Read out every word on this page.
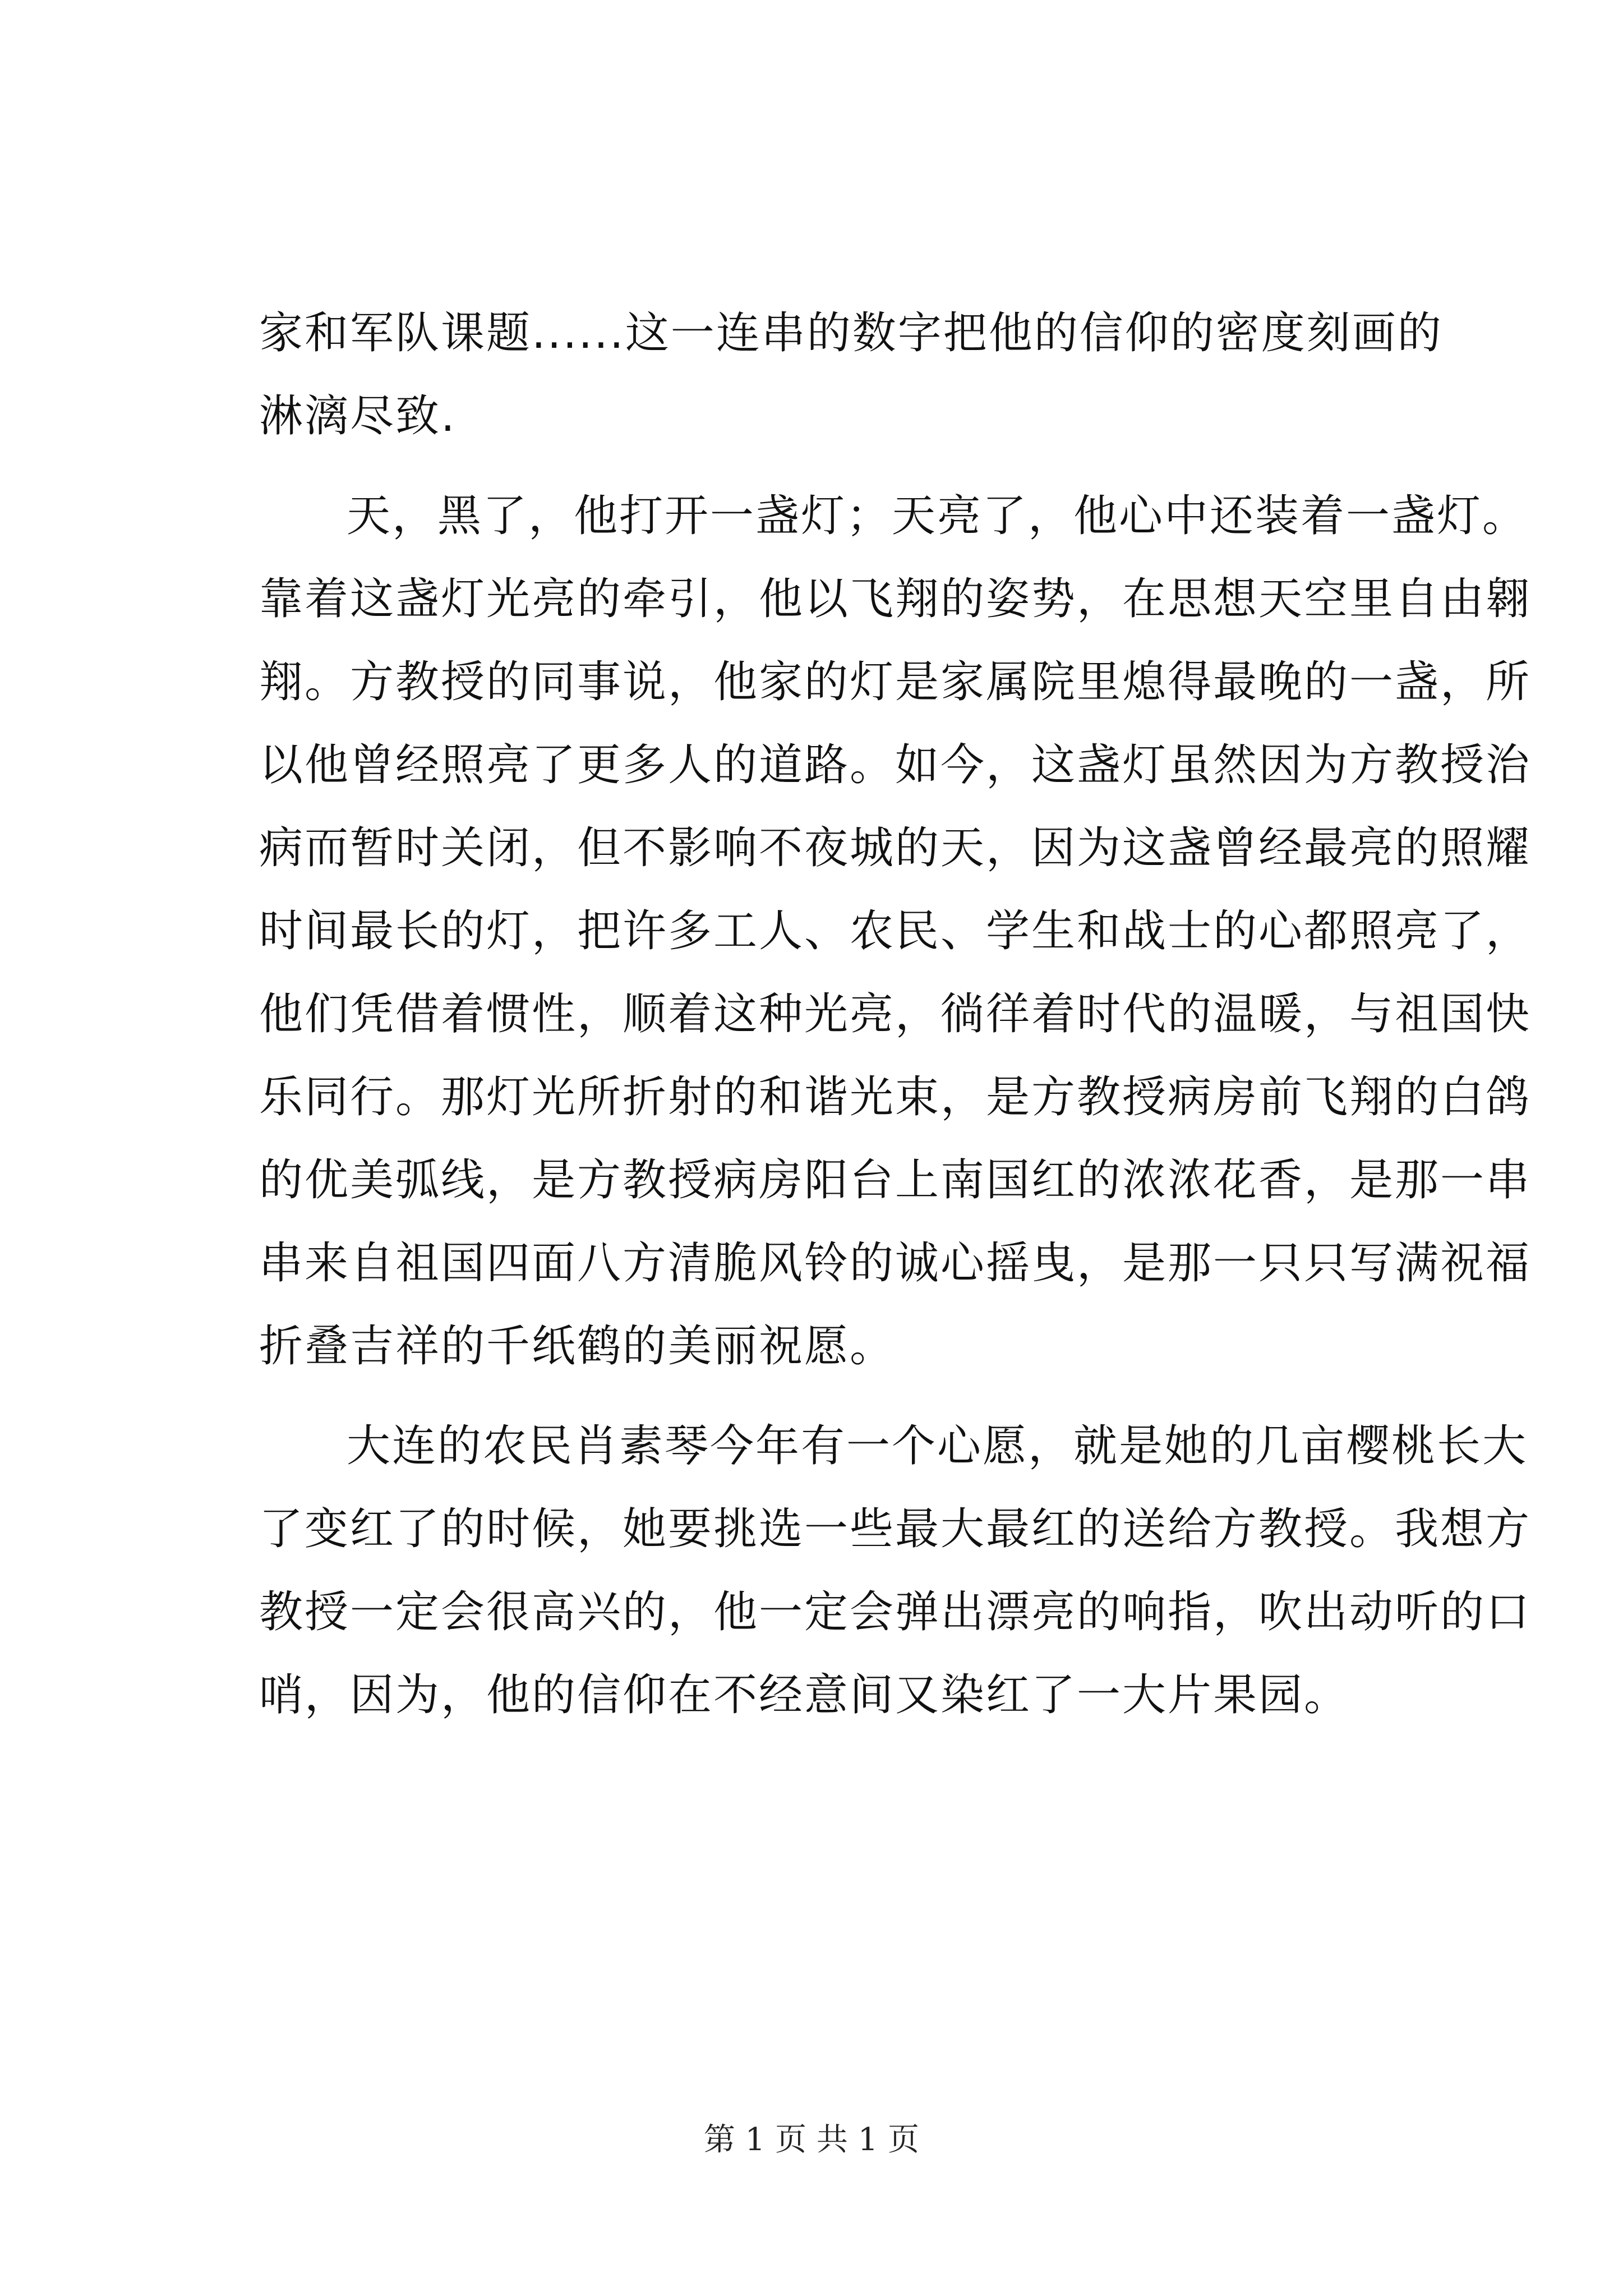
家和军队课题......这一连串的数字把他的信仰的密度刻画的
淋漓尽致.
天，黑了，他打开一盏灯；天亮了，他心中还装着一盏灯。
靠着这盏灯光亮的牵引，他以飞翔的姿势，在思想天空里自由翱
翔。方教授的同事说，他家的灯是家属院里熄得最晚的一盏，所
以他曾经照亮了更多人的道路。如今，这盏灯虽然因为方教授治
病而暂时关闭，但不影响不夜城的天，因为这盏曾经最亮的照耀
时间最长的灯，把许多工人、农民、学生和战士的心都照亮了，
他们凭借着惯性，顺着这种光亮，徜徉着时代的温暖，与祖国快
乐同行。那灯光所折射的和谐光束，是方教授病房前飞翔的白鸽
的优美弧线，是方教授病房阳台上南国红的浓浓花香，是那一串
串来自祖国四面八方清脆风铃的诚心摇曳，是那一只只写满祝福
折叠吉祥的千纸鹤的美丽祝愿。
大连的农民肖素琴今年有一个心愿，就是她的几亩樱桃长大
了变红了的时候，她要挑选一些最大最红的送给方教授。我想方
教授一定会很高兴的，他一定会弹出漂亮的响指，吹出动听的口
哨，因为，他的信仰在不经意间又染红了一大片果园。
第 1 页 共 1 页
